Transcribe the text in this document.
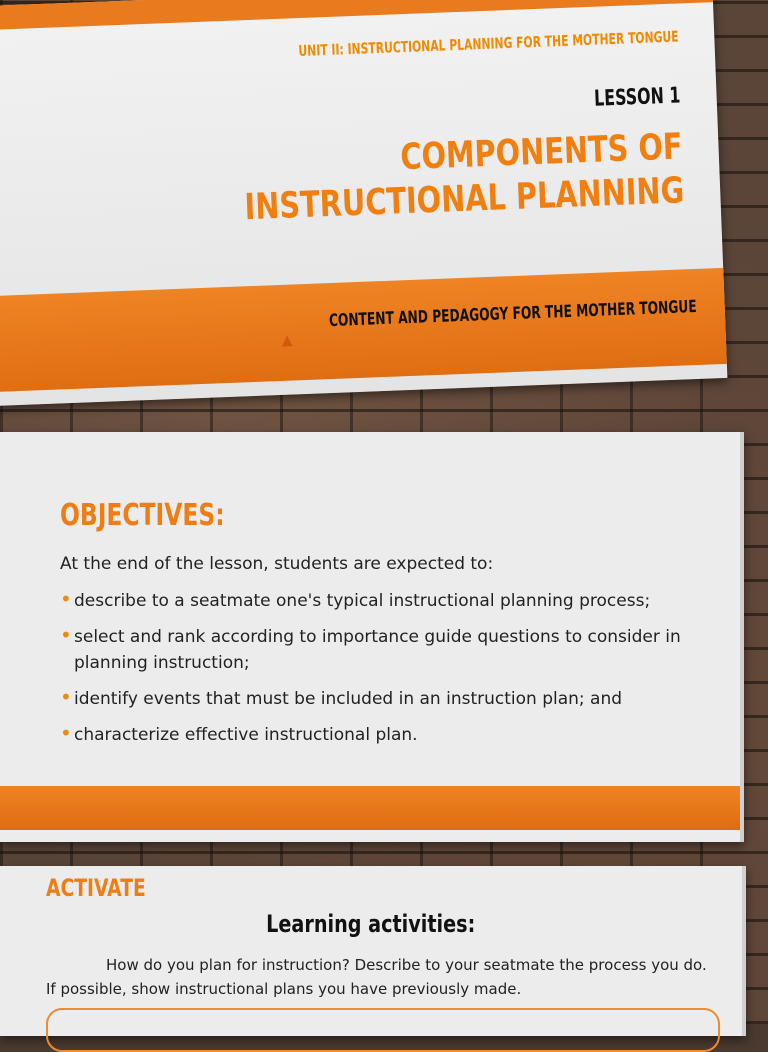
UNIT II: INSTRUCTIONAL PLANNING FOR THE MOTHER TONGUE
LESSON 1
COMPONENTS OF INSTRUCTIONAL PLANNING
CONTENT AND PEDAGOGY FOR THE MOTHER TONGUE
▲
OBJECTIVES:
At the end of the lesson, students are expected to:
• describe to a seatmate one's typical instructional planning process;
• select and rank according to importance guide questions to consider in planning instruction;
• identify events that must be included in an instruction plan; and
• characterize effective instructional plan.
ACTIVATE
Learning activities:
How do you plan for instruction? Describe to your seatmate the process you do.
If possible, show instructional plans you have previously made.
